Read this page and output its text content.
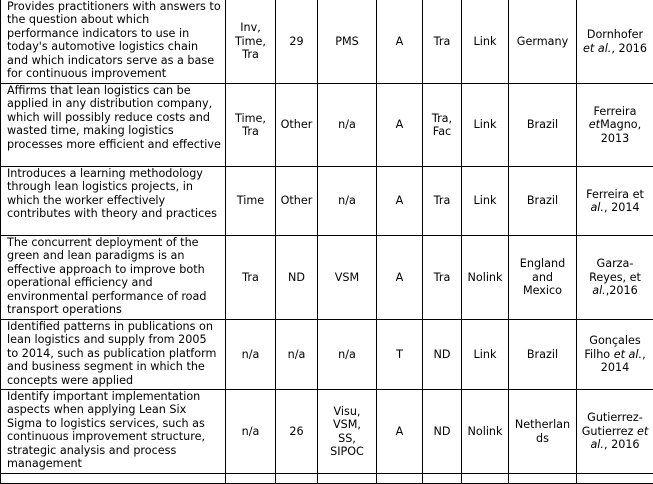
Provides practitioners with answers to the question about which performance indicators to use in today's automotive logistics chain and which indicators serve as a base for continuous improvement	Inv,
Time,
Tra	29	PMS	A	Tra	Link	Germany	Dornhofer et al., 2016
Affirms that lean logistics can be applied in any distribution company, which will possibly reduce costs and wasted time, making logistics processes more efficient and effective	Time,
Tra	Other	n/a	A	Tra,
Fac	Link	Brazil	Ferreira etMagno, 2013
Introduces a learning methodology through lean logistics projects, in which the worker effectively contributes with theory and practices	Time	Other	n/a	A	Tra	Link	Brazil	Ferreira et al., 2014
The concurrent deployment of the green and lean paradigms is an effective approach to improve both operational efficiency and environmental performance of road transport operations	Tra	ND	VSM	A	Tra	Nolink	England
and
Mexico	Garza-Reyes, et al.,2016
Identified patterns in publications on lean logistics and supply from 2005 to 2014, such as publication platform and business segment in which the concepts were applied	n/a	n/a	n/a	T	ND	Link	Brazil	Gonçales Filho et al., 2014
Identify important implementation aspects when applying Lean Six Sigma to logistics services, such as continuous improvement structure, strategic analysis and process management	n/a	26	Visu,
VSM,
SS,
SIPOC	A	ND	Nolink	Netherlan
ds	Gutierrez-Gutierrez et al., 2016
